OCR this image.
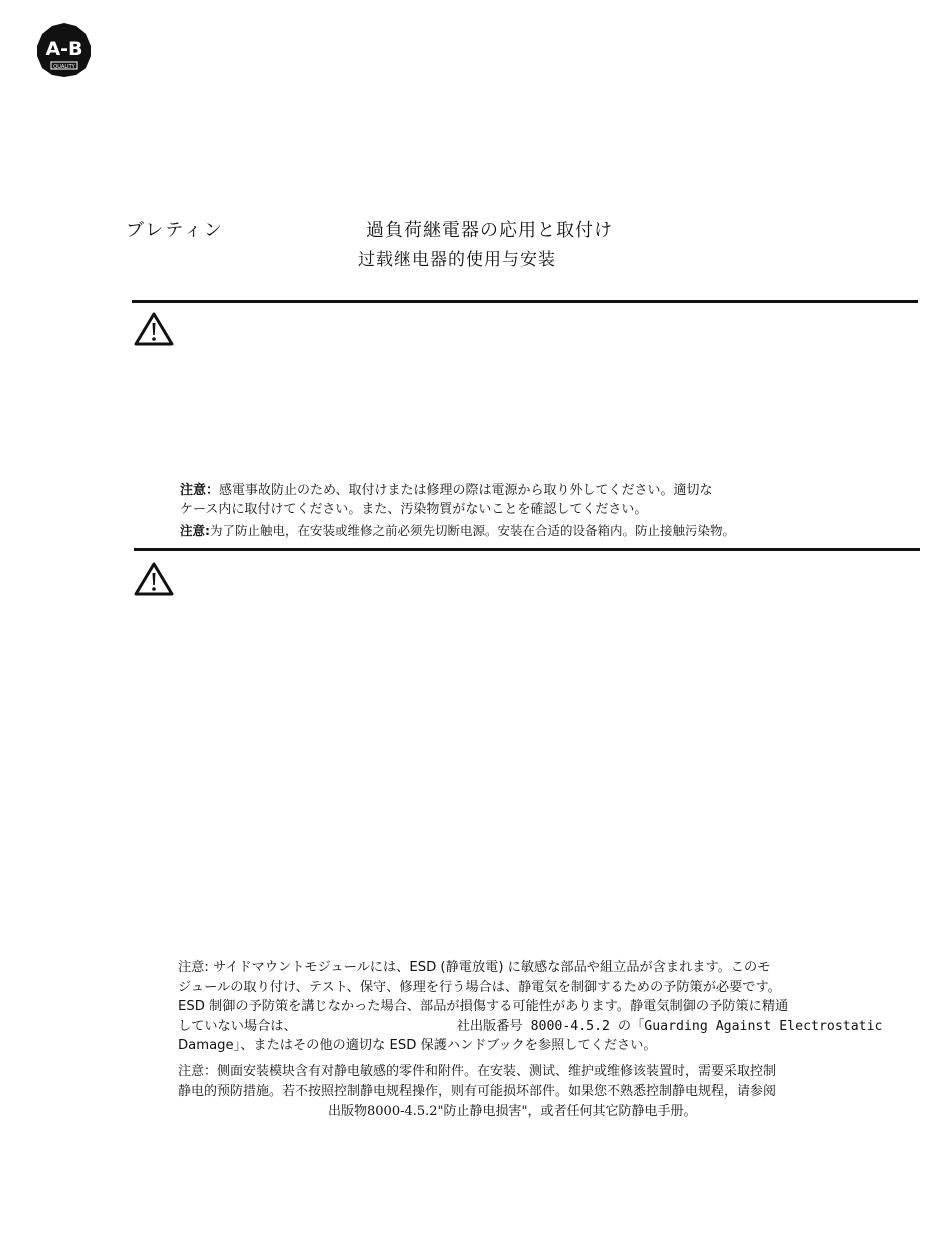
A-B
QUALITY
ブレティン	過負荷継電器の応用と取付け
过载继电器的使用与安装
注意：感電事故防止のため、取付けまたは修理の際は電源から取り外してください。適切な
ケース内に取付けてください。また、汚染物質がないことを確認してください。
注意:为了防止触电，在安装或维修之前必须先切断电源。安装在合适的设备箱内。防止接触污染物。
注意: サイドマウントモジュールには、ESD (静電放電) に敏感な部品や組立品が含まれます。このモ
ジュールの取り付け、テスト、保守、修理を行う場合は、静電気を制御するための予防策が必要です。
ESD 制御の予防策を講じなかった場合、部品が損傷する可能性があります。静電気制御の予防策に精通
していない場合は、	社出版番号 8000-4.5.2 の「Guarding Against Electrostatic
Damage」、またはその他の適切な ESD 保護ハンドブックを参照してください。
注意：侧面安装模块含有对静电敏感的零件和附件。在安装、测试、维护或维修该装置时，需要采取控制
静电的预防措施。若不按照控制静电规程操作，则有可能损坏部件。如果您不熟悉控制静电规程，请参阅
出版物8000-4.5.2"防止静电损害"，或者任何其它防静电手册。
